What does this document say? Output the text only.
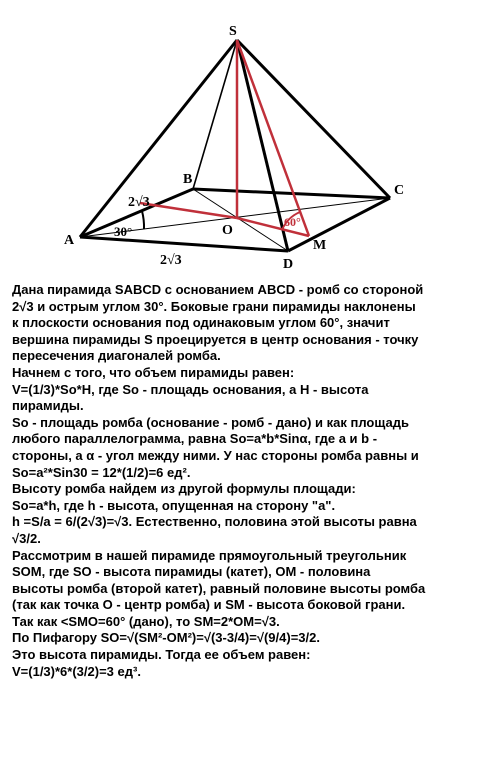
S
A
B
C
D
O
M
2√3
2√3
30°
60°

Дана пирамида SABCD с основанием ABCD - ромб со стороной

2√3 и острым углом 30°. Боковые грани пирамиды наклонены

к плоскости основания под одинаковым углом 60°, значит

вершина пирамиды S проецируется в центр основания - точку

пересечения диагоналей ромба.

Начнем с того, что объем пирамиды равен:

V=(1/3)*So*H, где So - площадь основания, а H - высота

пирамиды.

So - площадь ромба (основание - ромб - дано) и как площадь

любого параллелограмма, равна So=a*b*Sinα, где а и b -

стороны, а α - угол между ними. У нас стороны ромба равны и

So=a²*Sin30 = 12*(1/2)=6 ед².

Высоту ромба найдем из другой формулы площади:

So=a*h, где h - высота, опущенная на сторону "a".

h =S/a = 6/(2√3)=√3. Естественно, половина этой высоты равна

√3/2.

Рассмотрим в нашей пирамиде прямоугольный треугольник

SOM, где SO - высота пирамиды (катет), OM - половина

высоты ромба (второй катет), равный половине высоты ромба

(так как точка О - центр ромба) и SM - высота боковой грани.

Так как <SMO=60° (дано), то SM=2*OM=√3.

По Пифагору SO=√(SM²-OM²)=√(3-3/4)=√(9/4)=3/2.

Это высота пирамиды. Тогда ее объем равен:

V=(1/3)*6*(3/2)=3 ед³.
